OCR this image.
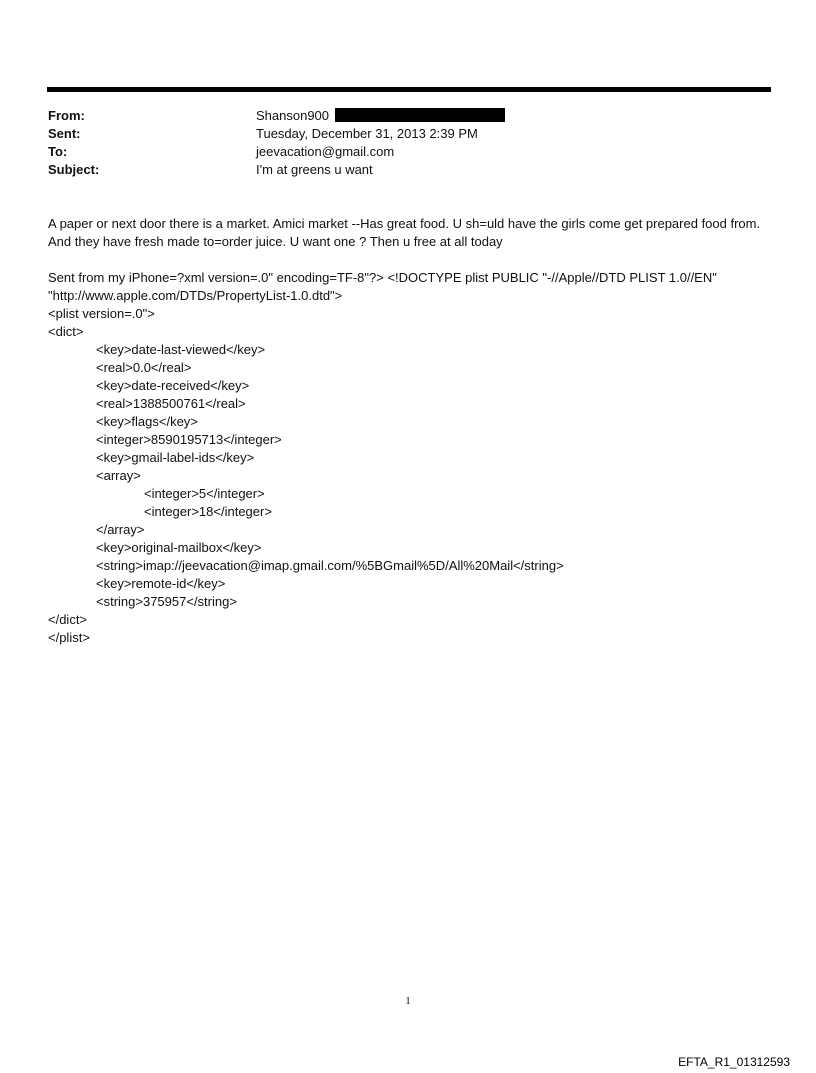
From:	Shanson900
Sent:	Tuesday, December 31, 2013 2:39 PM
To:	jeevacation@gmail.com
Subject:	I'm at greens u want

A paper or next door there is a market. Amici market --Has great food. U sh=uld have the girls come get prepared food from. And they have fresh made to=order juice. U want one ? Then u free at all today

Sent from my iPhone=?xml version=.0" encoding=TF-8"?> <!DOCTYPE plist PUBLIC "-//Apple//DTD PLIST 1.0//EN" "http://www.apple.com/DTDs/PropertyList-1.0.dtd">
<plist version=.0">
<dict>
<key>date-last-viewed</key>
<real>0.0</real>
<key>date-received</key>
<real>1388500761</real>
<key>flags</key>
<integer>8590195713</integer>
<key>gmail-label-ids</key>
<array>
<integer>5</integer>
<integer>18</integer>
</array>
<key>original-mailbox</key>
<string>imap://jeevacation@imap.gmail.com/%5BGmail%5D/All%20Mail</string>
<key>remote-id</key>
<string>375957</string>
</dict>
</plist>
1
EFTA_R1_01312593
